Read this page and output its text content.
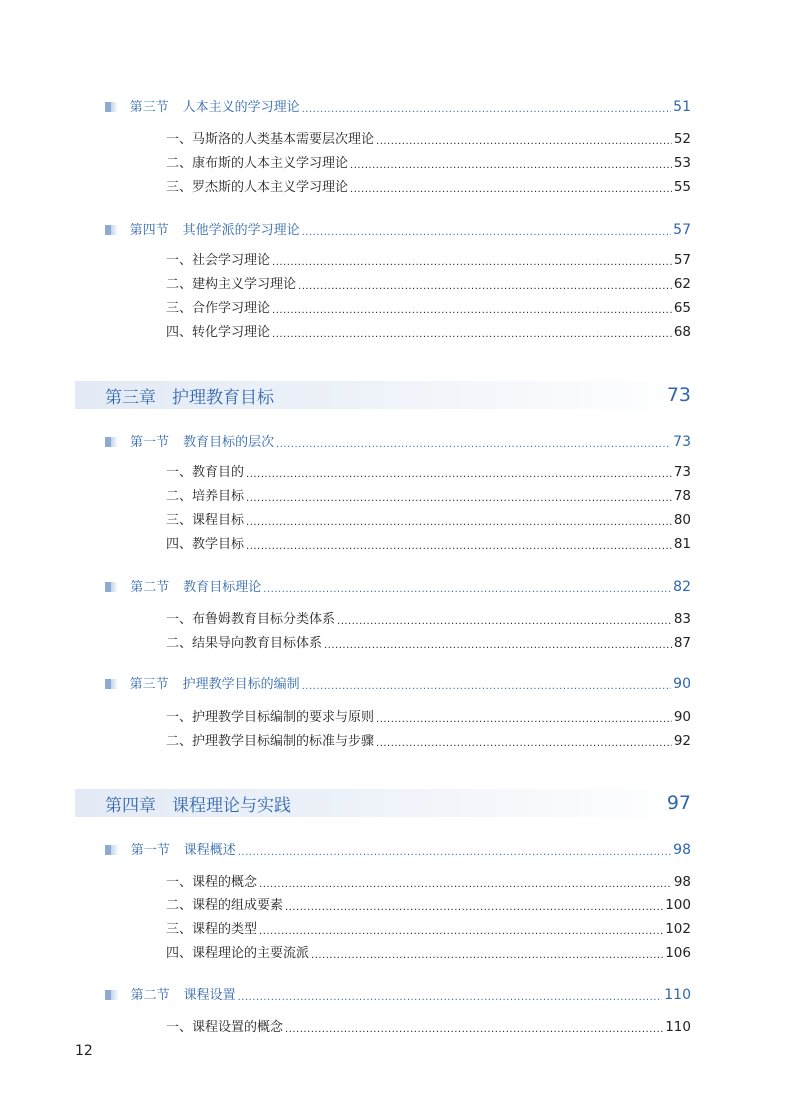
第三节 人本主义的学习理论 .....	51
一、马斯洛的人类基本需要层次理论 .....	52
二、康布斯的人本主义学习理论 .....	53
三、罗杰斯的人本主义学习理论 .....	55
第四节 其他学派的学习理论 .....	57
一、社会学习理论 .....	57
二、建构主义学习理论 .....	62
三、合作学习理论 .....	65
四、转化学习理论 .....	68
第三章 护理教育目标	73
第一节 教育目标的层次 .....	73
一、教育目的 .....	73
二、培养目标 .....	78
三、课程目标 .....	80
四、教学目标 .....	81
第二节 教育目标理论 .....	82
一、布鲁姆教育目标分类体系 .....	83
二、结果导向教育目标体系 .....	87
第三节 护理教学目标的编制 .....	90
一、护理教学目标编制的要求与原则 .....	90
二、护理教学目标编制的标准与步骤 .....	92
第四章 课程理论与实践	97
第一节 课程概述 .....	98
一、课程的概念 .....	98
二、课程的组成要素 .....	100
三、课程的类型 .....	102
四、课程理论的主要流派 .....	106
第二节 课程设置 .....	110
一、课程设置的概念 .....	110
12
